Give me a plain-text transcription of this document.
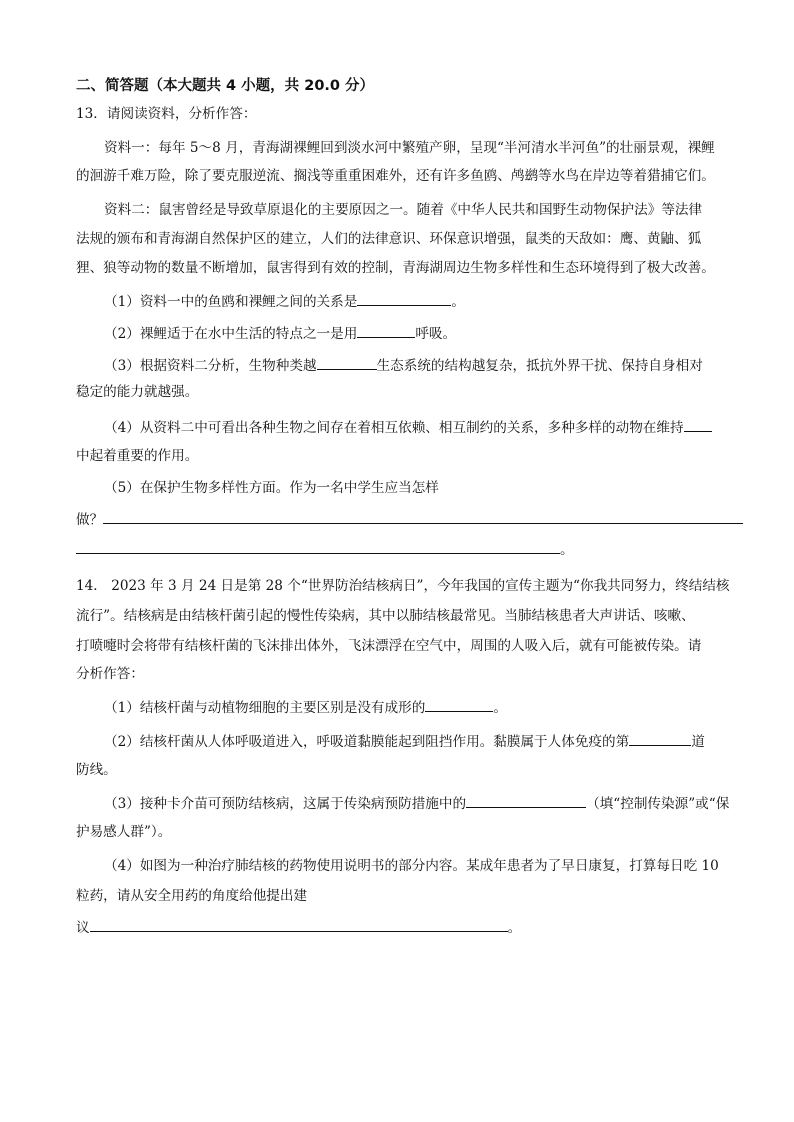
二、简答题（本大题共 4 小题，共 20.0 分）
13．请阅读资料，分析作答：
资料一：每年 5～8 月，青海湖裸鲤回到淡水河中繁殖产卵，呈现“半河清水半河鱼”的壮丽景观，裸鲤
的洄游千难万险，除了要克服逆流、搁浅等重重困难外，还有许多鱼鸥、鸬鹚等水鸟在岸边等着猎捕它们。
资料二：鼠害曾经是导致草原退化的主要原因之一。随着《中华人民共和国野生动物保护法》等法律
法规的颁布和青海湖自然保护区的建立，人们的法律意识、环保意识增强，鼠类的天敌如：鹰、黄鼬、狐
狸、狼等动物的数量不断增加，鼠害得到有效的控制，青海湖周边生物多样性和生态环境得到了极大改善。
（1）资料一中的鱼鸥和裸鲤之间的关系是	。
（2）裸鲤适于在水中生活的特点之一是用	呼吸。
（3）根据资料二分析，生物种类越	生态系统的结构越复杂，抵抗外界干扰、保持自身相对
稳定的能力就越强。
（4）从资料二中可看出各种生物之间存在着相互依赖、相互制约的关系，多种多样的动物在维持
中起着重要的作用。
（5）在保护生物多样性方面。作为一名中学生应当怎样
做？
。
14． 2023 年 3 月 24 日是第 28 个“世界防治结核病日”，今年我国的宣传主题为“你我共同努力，终结结核
流行”。结核病是由结核杆菌引起的慢性传染病，其中以肺结核最常见。当肺结核患者大声讲话、咳嗽、
打喷嚏时会将带有结核杆菌的飞沫排出体外，飞沫漂浮在空气中，周围的人吸入后，就有可能被传染。请
分析作答：
（1）结核杆菌与动植物细胞的主要区别是没有成形的	。
（2）结核杆菌从人体呼吸道进入，呼吸道黏膜能起到阻挡作用。黏膜属于人体免疫的第	道
防线。
（3）接种卡介苗可预防结核病，这属于传染病预防措施中的	（填“控制传染源”或“保
护易感人群”）。
（4）如图为一种治疗肺结核的药物使用说明书的部分内容。某成年患者为了早日康复，打算每日吃 10
粒药，请从安全用药的角度给他提出建
议	。
